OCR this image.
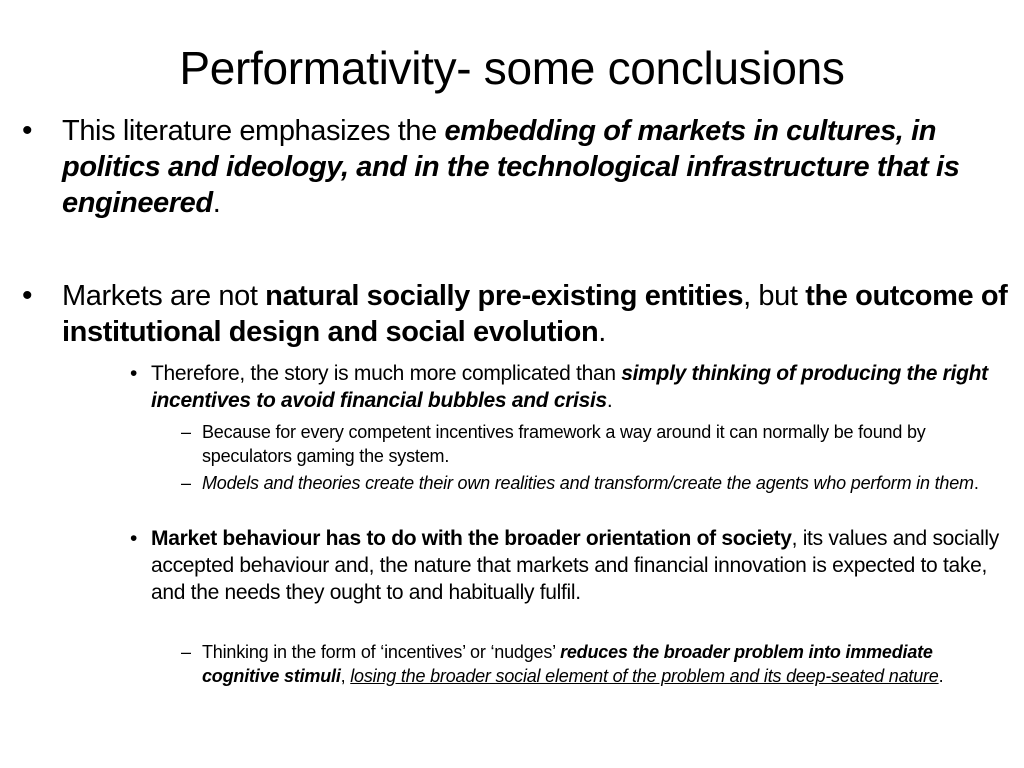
Performativity- some conclusions
• This literature emphasizes the embedding of markets in cultures, in politics and ideology, and in the technological infrastructure that is engineered.
• Markets are not natural socially pre-existing entities, but the outcome of institutional design and social evolution.
• Therefore, the story is much more complicated than simply thinking of producing the right incentives to avoid financial bubbles and crisis.
– Because for every competent incentives framework a way around it can normally be found by speculators gaming the system.
– Models and theories create their own realities and transform/create the agents who perform in them.
• Market behaviour has to do with the broader orientation of society, its values and socially accepted behaviour and, the nature that markets and financial innovation is expected to take, and the needs they ought to and habitually fulfil.
– Thinking in the form of ‘incentives’ or ‘nudges’ reduces the broader problem into immediate cognitive stimuli, losing the broader social element of the problem and its deep-seated nature.
